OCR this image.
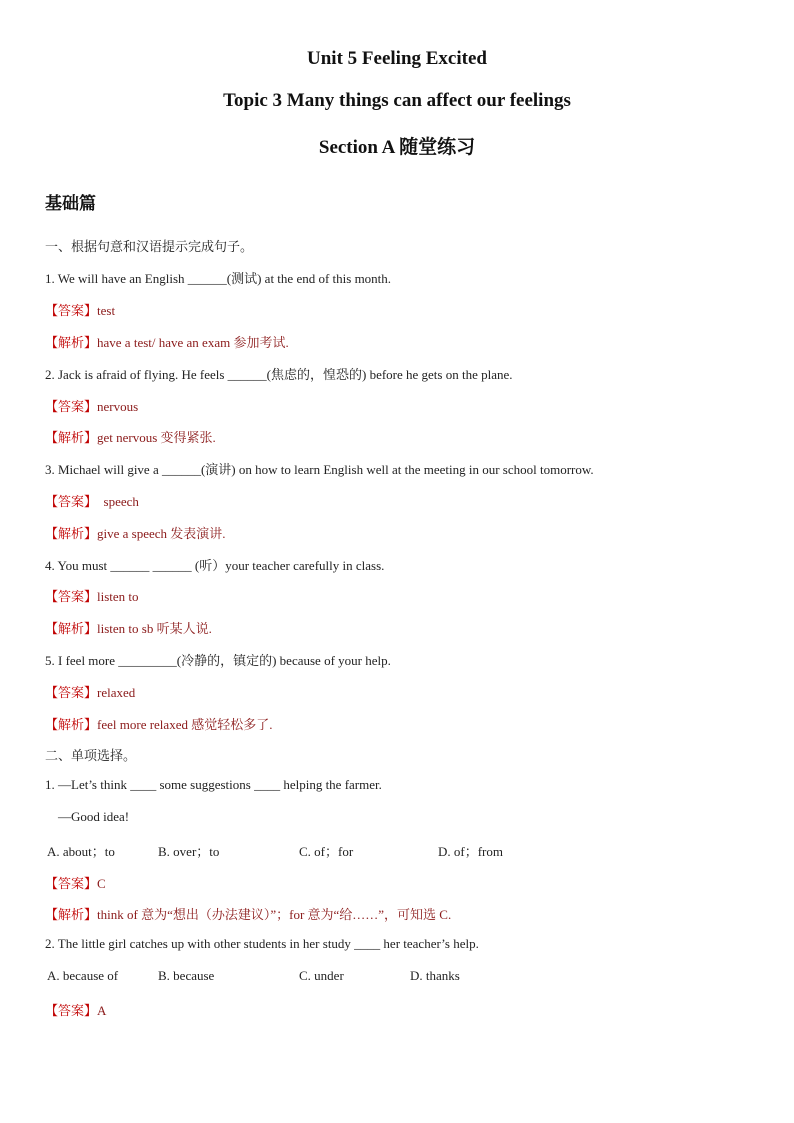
Unit 5 Feeling Excited
Topic 3 Many things can affect our feelings
Section A 随堂练习
基础篇
一、根据句意和汉语提示完成句子。
1. We will have an English ______(测试) at the end of this month.
【答案】test
【解析】have a test/ have an exam 参加考试.
2. Jack is afraid of flying. He feels ______(焦虑的，惶恐的) before he gets on the plane.
【答案】nervous
【解析】get nervous 变得紧张.
3. Michael will give a ______(演讲) on how to learn English well at the meeting in our school tomorrow.
【答案】  speech
【解析】give a speech 发表演讲.
4. You must ______ ______ (听）your teacher carefully in class.
【答案】listen to
【解析】listen to sb 听某人说.
5. I feel more _________(冷静的，镇定的) because of your help.
【答案】relaxed
【解析】feel more relaxed 感觉轻松多了.
二、单项选择。
1. —Let’s think ____ some suggestions ____ helping the farmer.
—Good idea!
A. about；to	B. over；to	C. of；for	D. of；from
【答案】C
【解析】think of 意为“想出（办法建议）”；for 意为“给……”，可知选 C.
2. The little girl catches up with other students in her study ____ her teacher’s help.
A. because of	B. because	C. under	D. thanks
【答案】A
